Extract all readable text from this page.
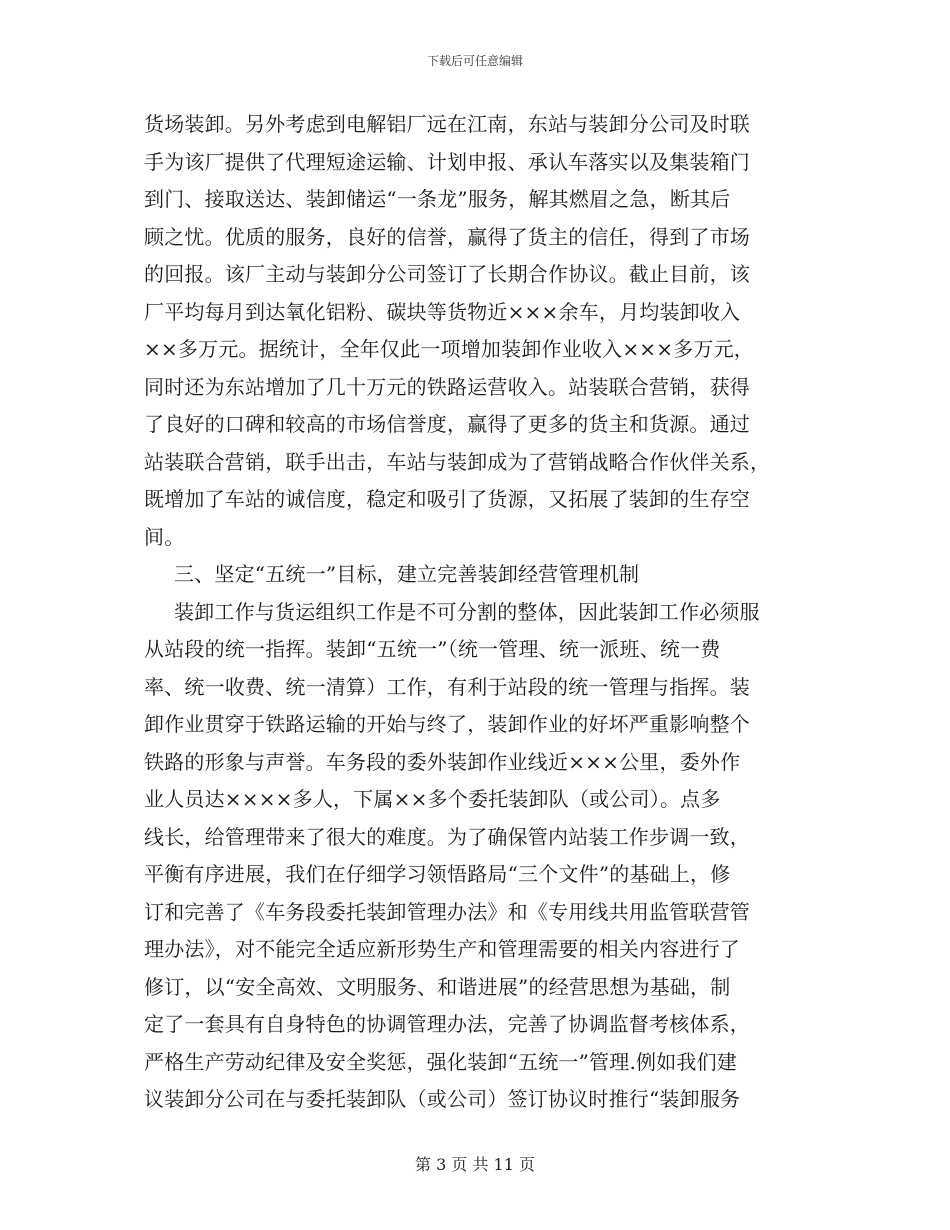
下载后可任意编辑
货场装卸。另外考虑到电解铝厂远在江南，东站与装卸分公司及时联
手为该厂提供了代理短途运输、计划申报、承认车落实以及集装箱门
到门、接取送达、装卸储运“一条龙”服务，解其燃眉之急，断其后
顾之忧。优质的服务，良好的信誉，赢得了货主的信任，得到了市场
的回报。该厂主动与装卸分公司签订了长期合作协议。截止目前，该
厂平均每月到达氧化铝粉、碳块等货物近×××余车，月均装卸收入
××多万元。据统计，全年仅此一项增加装卸作业收入×××多万元，
同时还为东站增加了几十万元的铁路运营收入。站装联合营销，获得
了良好的口碑和较高的市场信誉度，赢得了更多的货主和货源。通过
站装联合营销，联手出击，车站与装卸成为了营销战略合作伙伴关系，
既增加了车站的诚信度，稳定和吸引了货源，又拓展了装卸的生存空
间。
三、坚定“五统一”目标，建立完善装卸经营管理机制
装卸工作与货运组织工作是不可分割的整体，因此装卸工作必须服
从站段的统一指挥。装卸“五统一”（统一管理、统一派班、统一费
率、统一收费、统一清算）工作，有利于站段的统一管理与指挥。装
卸作业贯穿于铁路运输的开始与终了，装卸作业的好坏严重影响整个
铁路的形象与声誉。车务段的委外装卸作业线近×××公里，委外作
业人员达××××多人，下属××多个委托装卸队（或公司）。点多
线长，给管理带来了很大的难度。为了确保管内站装工作步调一致，
平衡有序进展，我们在仔细学习领悟路局“三个文件”的基础上，修
订和完善了《车务段委托装卸管理办法》和《专用线共用监管联营管
理办法》，对不能完全适应新形势生产和管理需要的相关内容进行了
修订，以“安全高效、文明服务、和谐进展”的经营思想为基础，制
定了一套具有自身特色的协调管理办法，完善了协调监督考核体系，
严格生产劳动纪律及安全奖惩，强化装卸“五统一”管理.例如我们建
议装卸分公司在与委托装卸队（或公司）签订协议时推行“装卸服务
第 3 页 共 11 页
